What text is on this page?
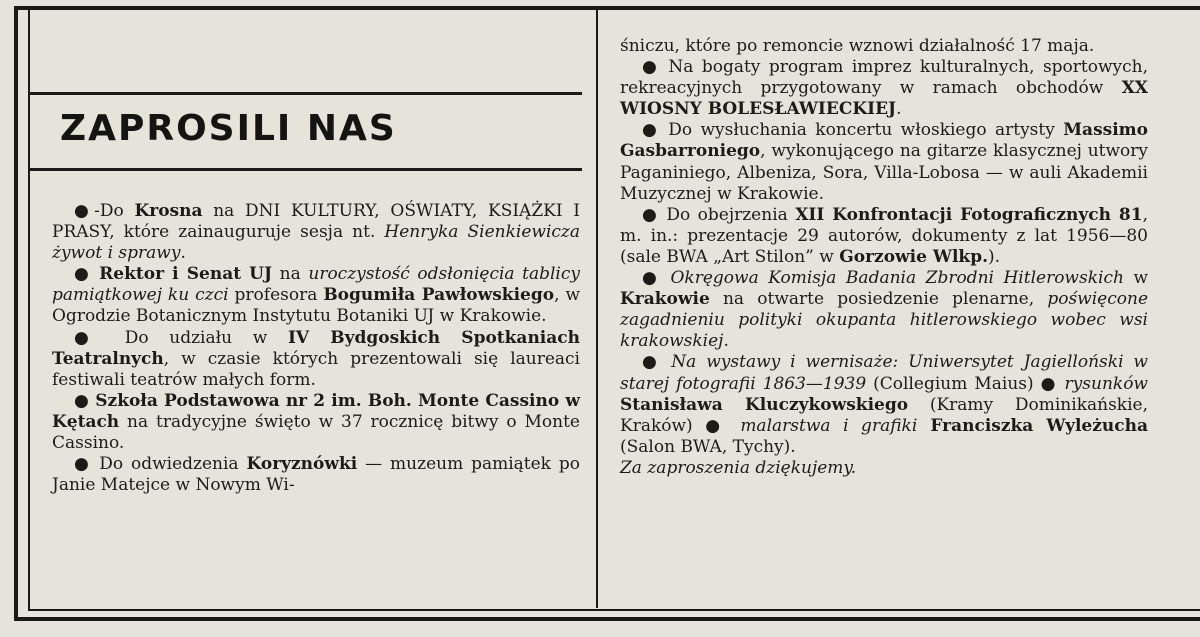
ZAPROSILI NAS

●-Do Krosna na DNI KULTURY, OŚWIATY, KSIĄŻKI I PRASY, które zainauguruje sesja nt. Henryka Sienkiewicza żywot i sprawy.

● Rektor i Senat UJ na uroczystość odsłonięcia tablicy pamiątkowej ku czci profesora Bogumiła Pawłowskiego, w Ogrodzie Botanicznym Instytutu Botaniki UJ w Krakowie.

● Do udziału w IV Bydgoskich Spotkaniach Teatralnych, w czasie których prezentowali się laureaci festiwali teatrów małych form.

● Szkoła Podstawowa nr 2 im. Boh. Monte Cassino w Kętach na tradycyjne święto w 37 rocznicę bitwy o Monte Cassino.

● Do odwiedzenia Koryznówki — muzeum pamiątek po Janie Matejce w Nowym Wi-

śniczu, które po remoncie wznowi działalność 17 maja.

● Na bogaty program imprez kulturalnych, sportowych, rekreacyjnych przygotowany w ramach obchodów XX WIOSNY BOLESŁAWIECKIEJ.

● Do wysłuchania koncertu włoskiego artysty Massimo Gasbarroniego, wykonującego na gitarze klasycznej utwory Paganiniego, Albeniza, Sora, Villa-Lobosa — w auli Akademii Muzycznej w Krakowie.

● Do obejrzenia XII Konfrontacji Fotograficznych 81, m. in.: prezentacje 29 autorów, dokumenty z lat 1956—80 (sale BWA „Art Stilon” w Gorzowie Wlkp.).

● Okręgowa Komisja Badania Zbrodni Hitlerowskich w Krakowie na otwarte posiedzenie plenarne, poświęcone zagadnieniu polityki okupanta hitlerowskiego wobec wsi krakowskiej.

● Na wystawy i wernisaże: Uniwersytet Jagielloński w starej fotografii 1863—1939 (Collegium Maius) ● rysunków Stanisława Kluczykowskiego (Kramy Dominikańskie, Kraków) ● malarstwa i grafiki Franciszka Wyleżucha (Salon BWA, Tychy).

Za zaproszenia dziękujemy.
